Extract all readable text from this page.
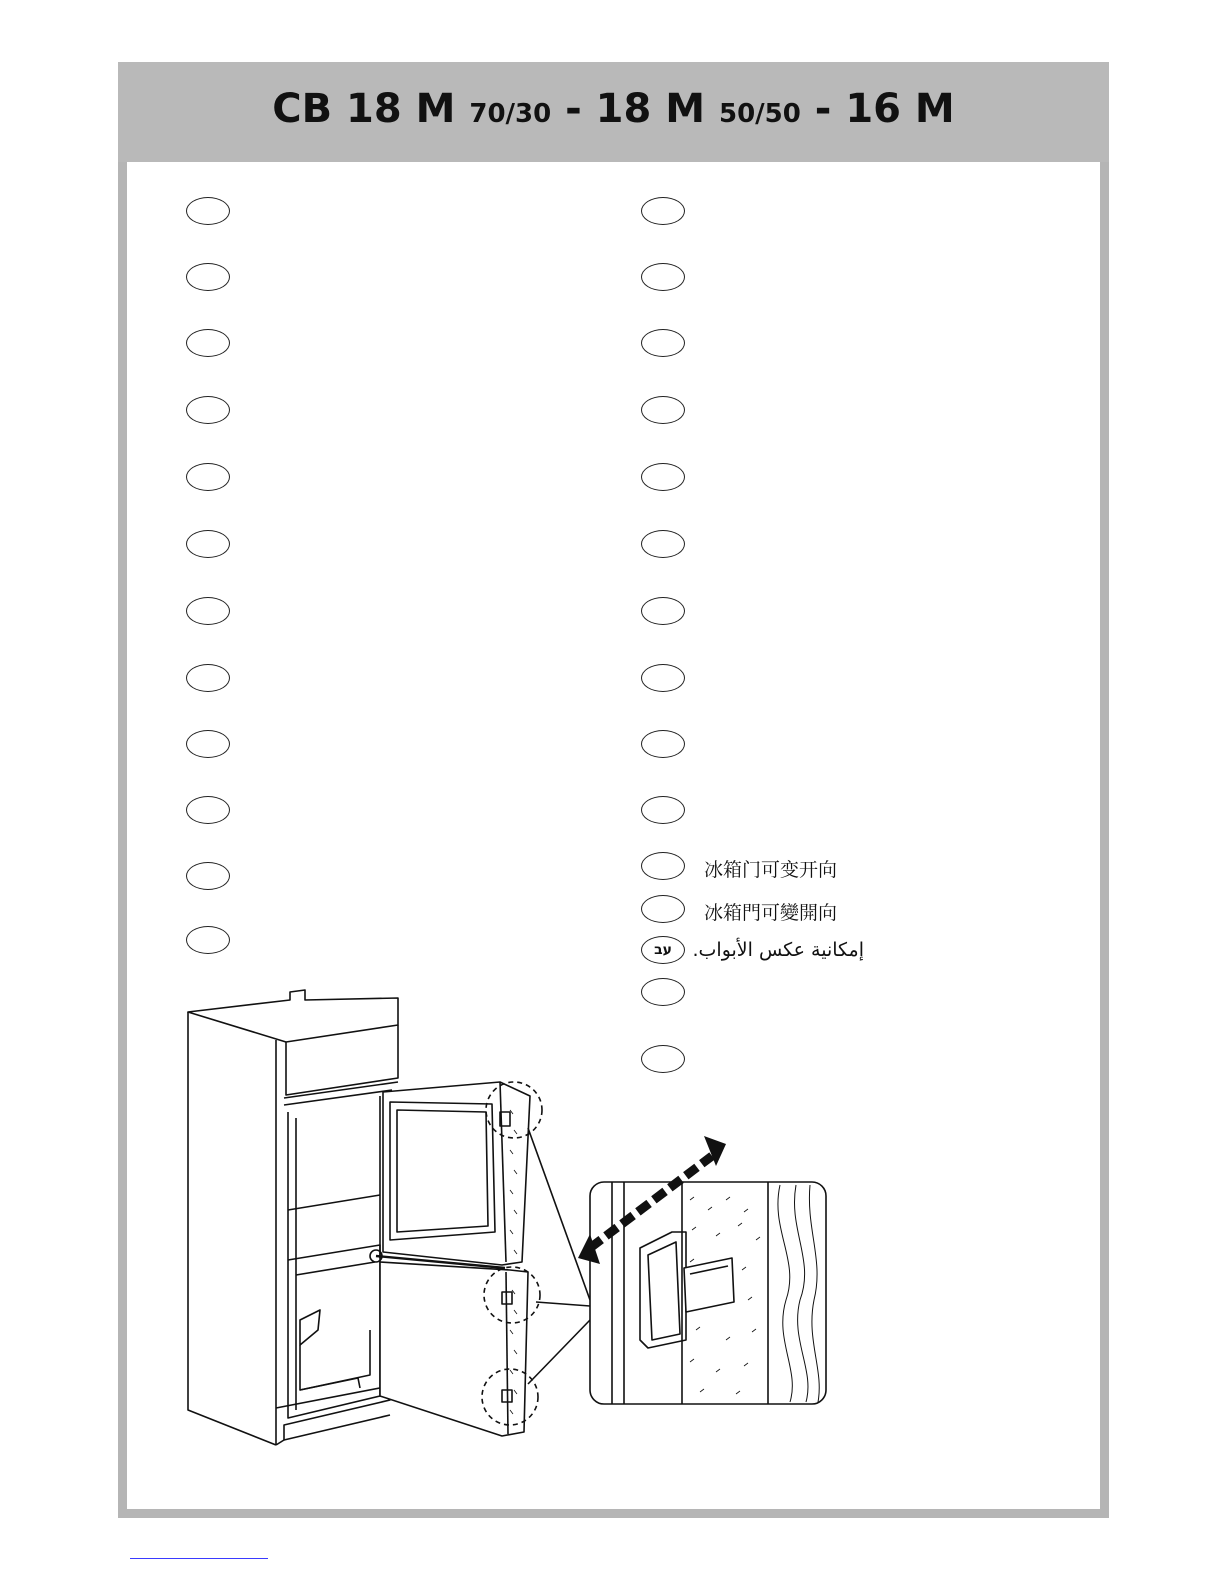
CB 18 M 70/30 - 18 M 50/50 - 16 M
עב
冰箱门可变开向
冰箱門可變開向
إمكانية عكس الأبواب.
